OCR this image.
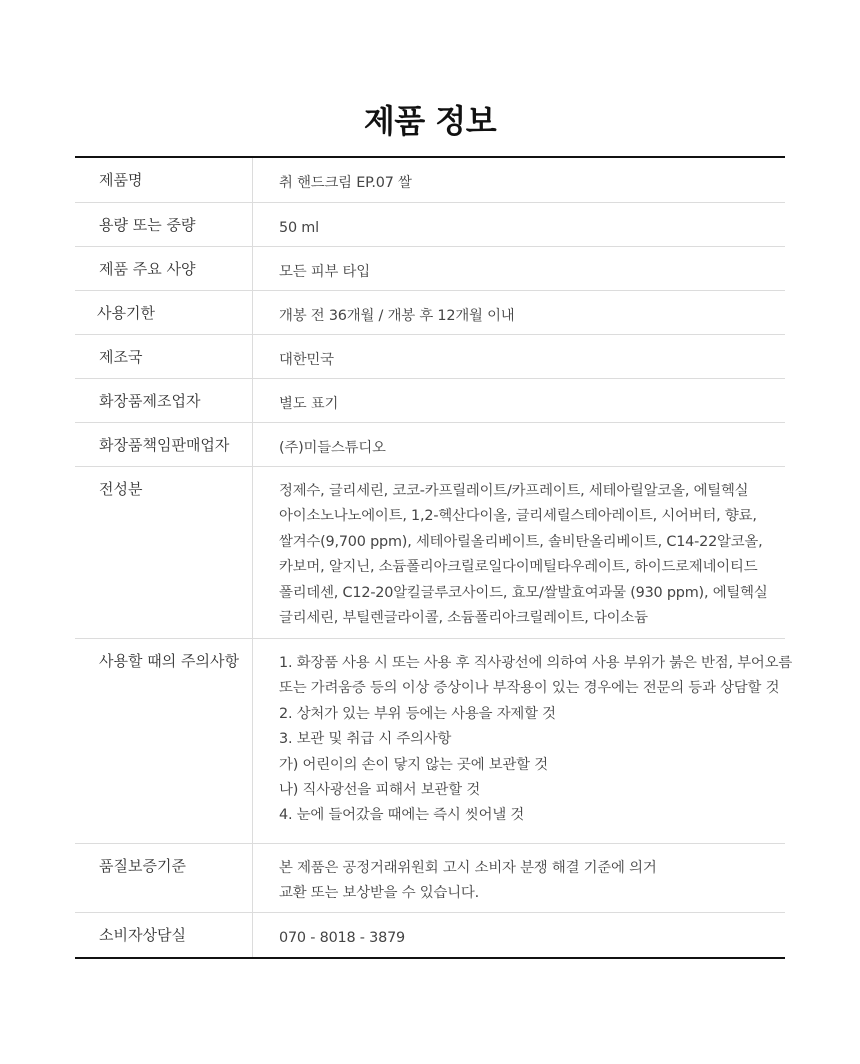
제품 정보
제품명	취 핸드크림 EP.07 쌀
용량 또는 중량	50 ml
제품 주요 사양	모든 피부 타입
사용기한	개봉 전 36개월 / 개봉 후 12개월 이내
제조국	대한민국
화장품제조업자	별도 표기
화장품책임판매업자	(주)미들스튜디오
전성분	정제수, 글리세린, 코코-카프릴레이트/카프레이트, 세테아릴알코올, 에틸헥실
아이소노나노에이트, 1,2-헥산다이올, 글리세릴스테아레이트, 시어버터, 향료,
쌀겨수(9,700 ppm), 세테아릴올리베이트, 솔비탄올리베이트, C14-22알코올,
카보머, 알지닌, 소듐폴리아크릴로일다이메틸타우레이트, 하이드로제네이티드
폴리데센, C12-20알킬글루코사이드, 효모/쌀발효여과물 (930 ppm), 에틸헥실
글리세린, 부틸렌글라이콜, 소듐폴리아크릴레이트, 다이소듐
사용할 때의 주의사항	1. 화장품 사용 시 또는 사용 후 직사광선에 의하여 사용 부위가 붉은 반점, 부어오름
또는 가려움증 등의 이상 증상이나 부작용이 있는 경우에는 전문의 등과 상담할 것
2. 상처가 있는 부위 등에는 사용을 자제할 것
3. 보관 및 취급 시 주의사항
가) 어린이의 손이 닿지 않는 곳에 보관할 것
나) 직사광선을 피해서 보관할 것
4. 눈에 들어갔을 때에는 즉시 씻어낼 것
품질보증기준	본 제품은 공정거래위원회 고시 소비자 분쟁 해결 기준에 의거
교환 또는 보상받을 수 있습니다.
소비자상담실	070 - 8018 - 3879
